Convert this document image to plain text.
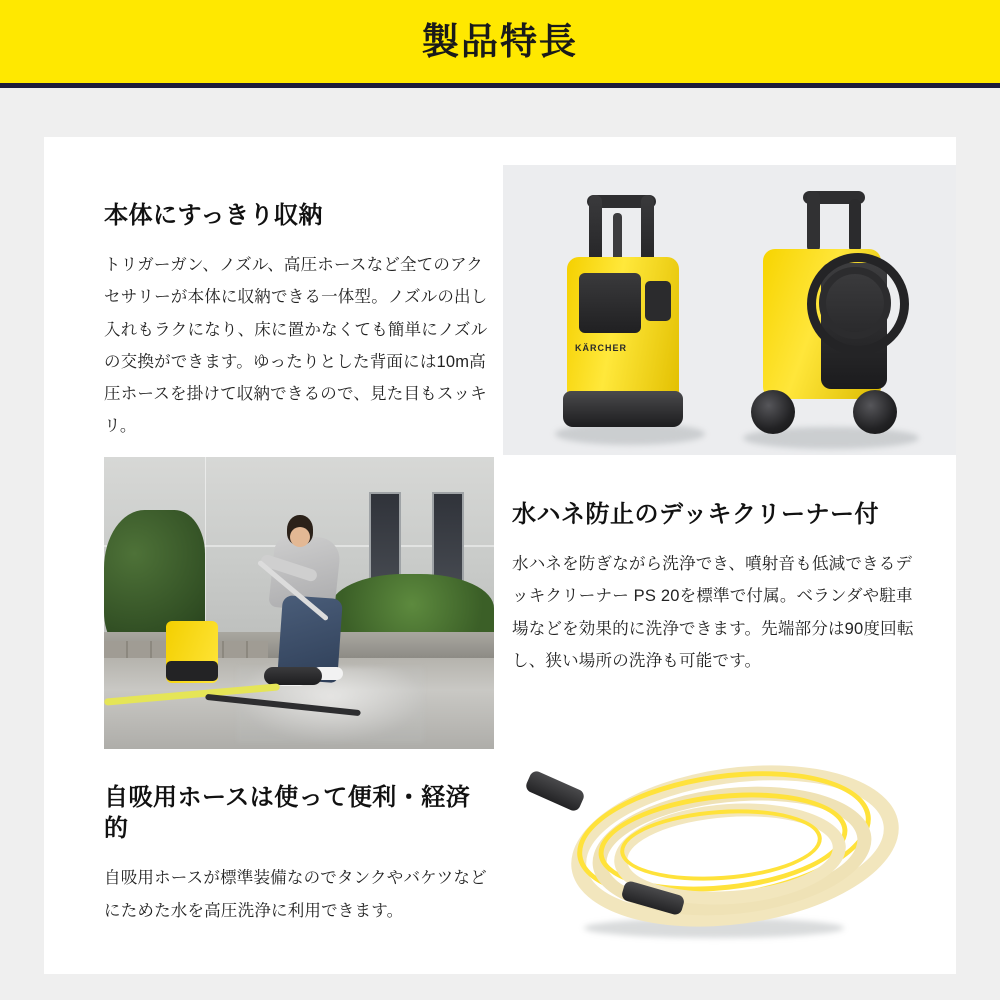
製品特長
本体にすっきり収納

トリガーガン、ノズル、高圧ホースなど全てのアクセサリーが本体に収納できる一体型。ノズルの出し入れもラクになり、床に置かなくても簡単にノズルの交換ができます。ゆったりとした背面には10m高圧ホースを掛けて収納できるので、見た目もスッキリ。

KÄRCHER
水ハネ防止のデッキクリーナー付

水ハネを防ぎながら洗浄でき、噴射音も低減できるデッキクリーナー PS 20を標準で付属。ベランダや駐車場などを効果的に洗浄できます。先端部分は90度回転し、狭い場所の洗浄も可能です。

自吸用ホースは使って便利・経済的

自吸用ホースが標準装備なのでタンクやバケツなどにためた水を高圧洗浄に利用できます。
